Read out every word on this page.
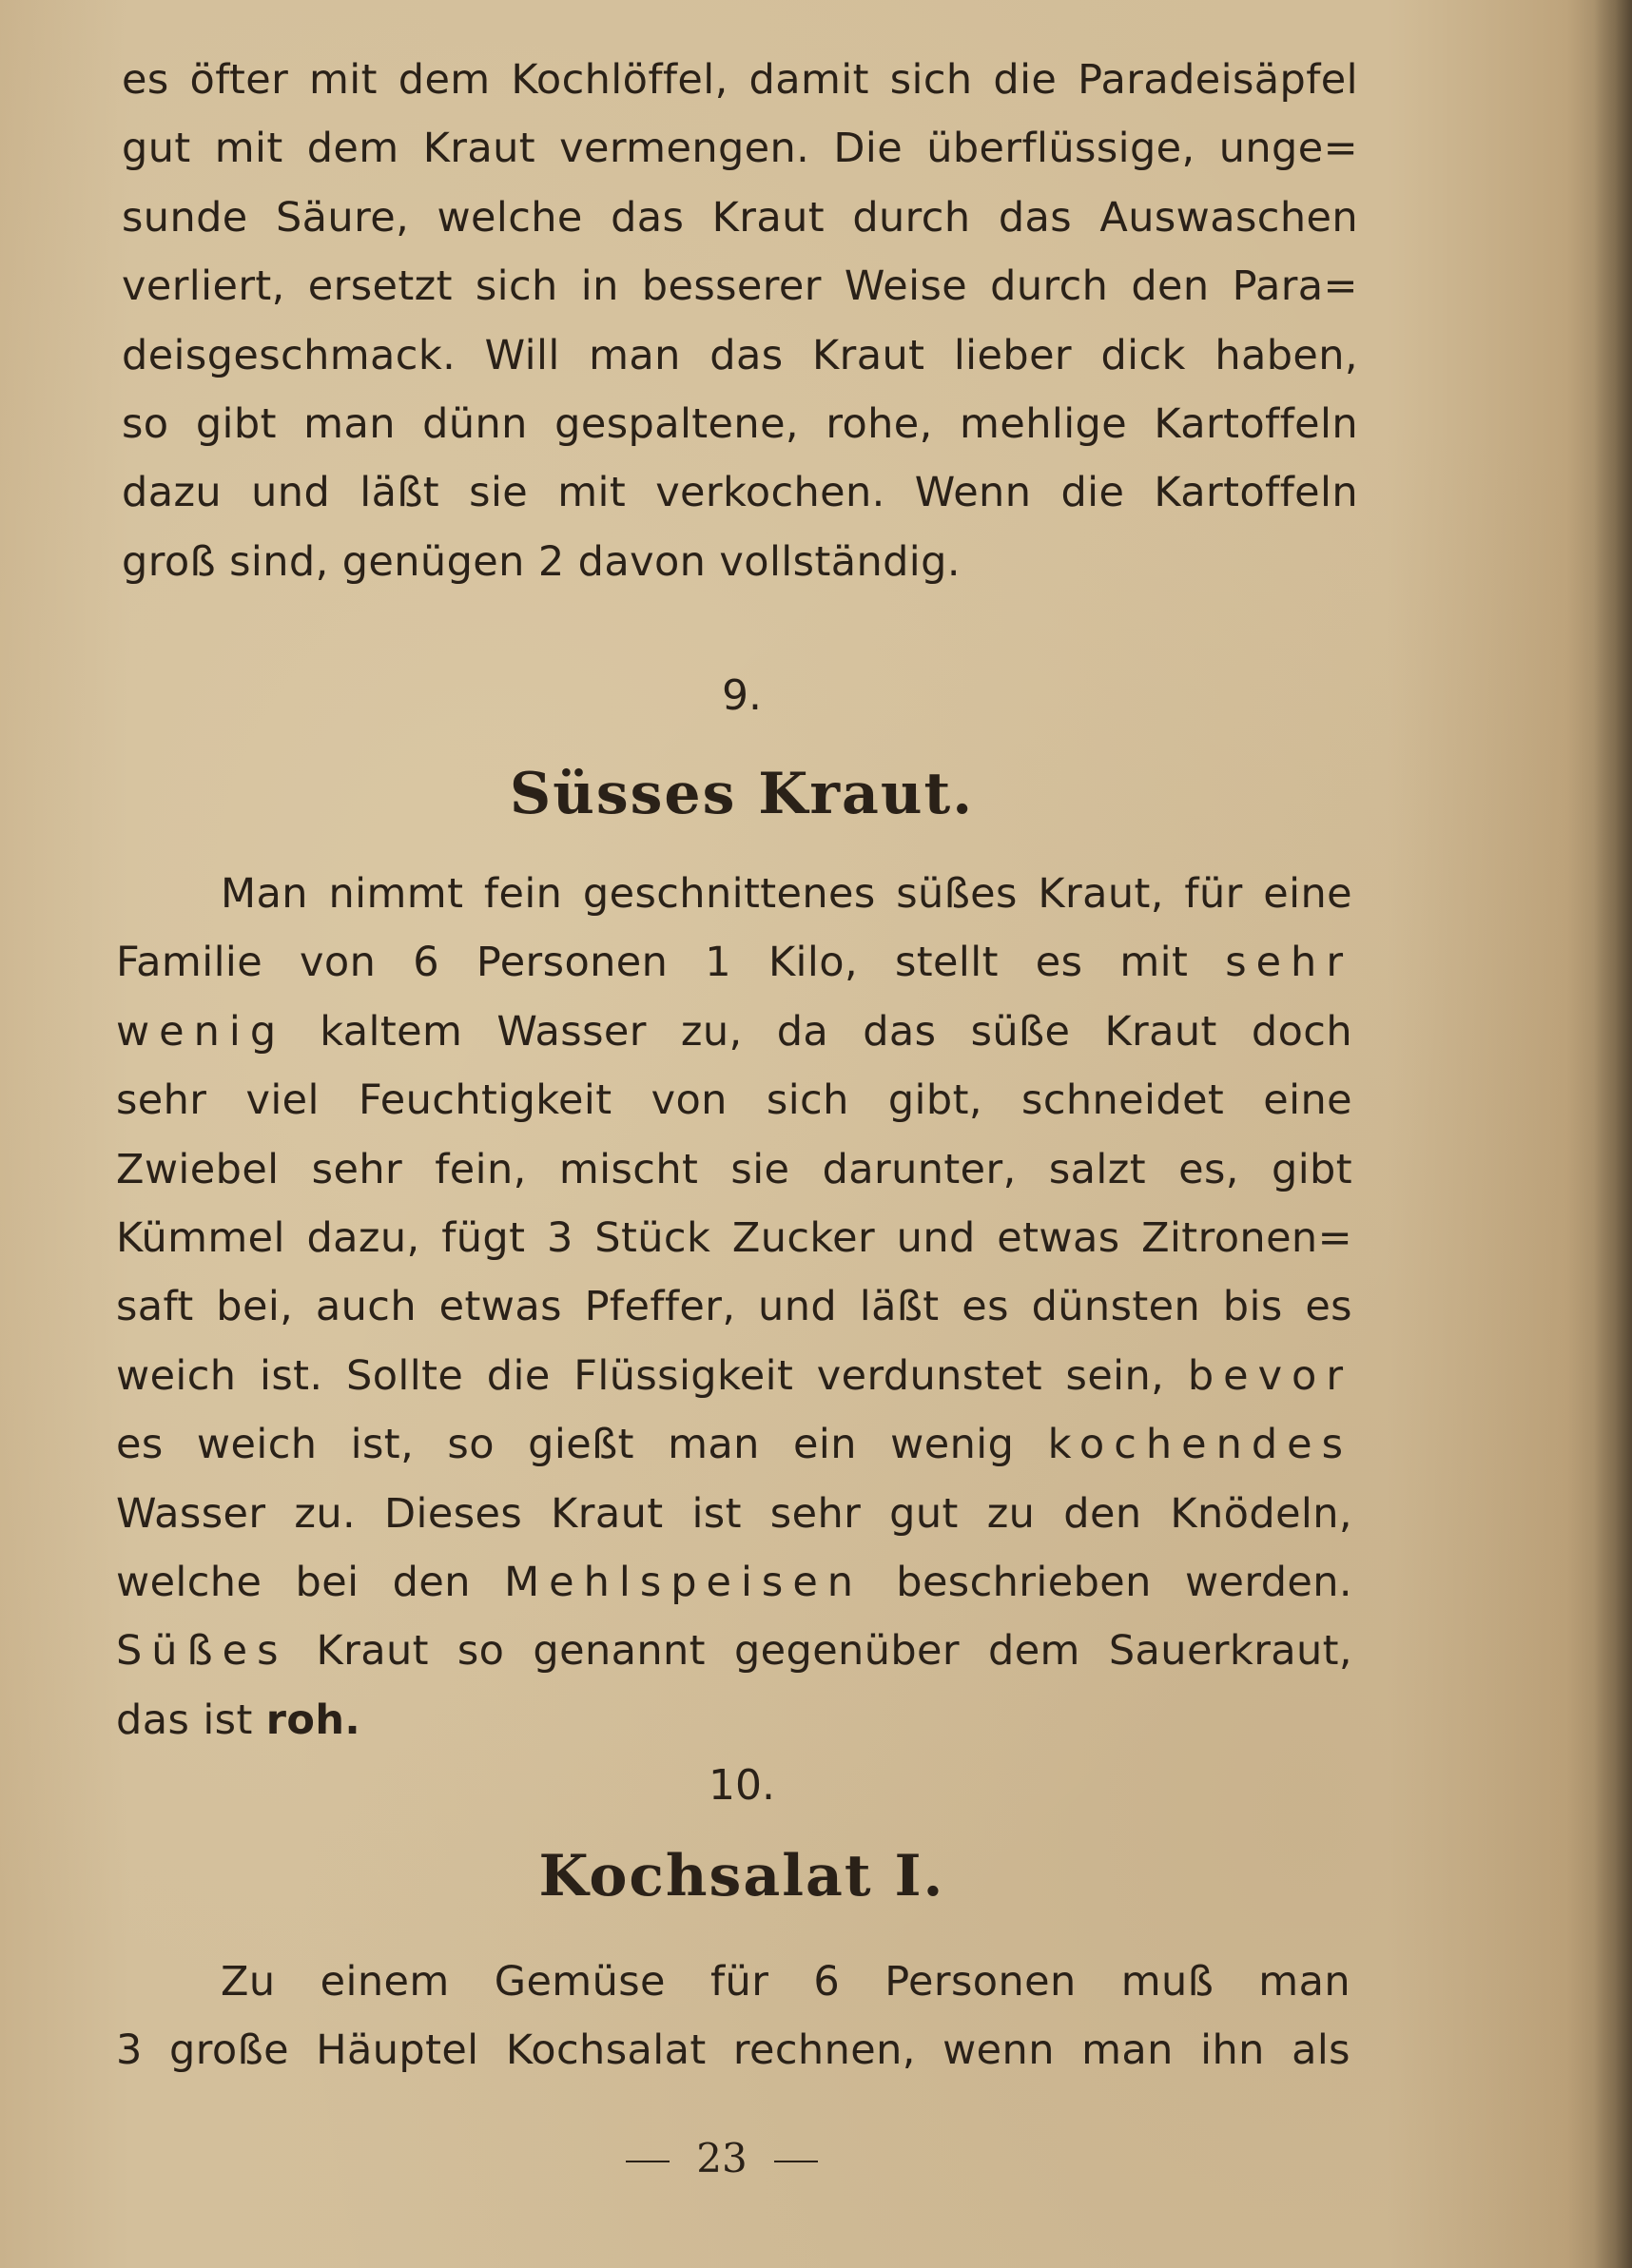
es öfter mit dem Kochlöffel, damit sich die Paradeisäpfel
gut mit dem Kraut vermengen. Die überflüssige, unge=
sunde Säure, welche das Kraut durch das Auswaschen
verliert, ersetzt sich in besserer Weise durch den Para=
deisgeschmack. Will man das Kraut lieber dick haben,
so gibt man dünn gespaltene, rohe, mehlige Kartoffeln
dazu und läßt sie mit verkochen. Wenn die Kartoffeln
groß sind, genügen 2 davon vollständig.
9.
Süsses Kraut.
Man nimmt fein geschnittenes süßes Kraut, für eine
Familie von 6 Personen 1 Kilo, stellt es mit sehr
wenig kaltem Wasser zu, da das süße Kraut doch
sehr viel Feuchtigkeit von sich gibt, schneidet eine
Zwiebel sehr fein, mischt sie darunter, salzt es, gibt
Kümmel dazu, fügt 3 Stück Zucker und etwas Zitronen=
saft bei, auch etwas Pfeffer, und läßt es dünsten bis es
weich ist. Sollte die Flüssigkeit verdunstet sein, bevor
es weich ist, so gießt man ein wenig kochendes
Wasser zu. Dieses Kraut ist sehr gut zu den Knödeln,
welche bei den Mehlspeisen beschrieben werden.
Süßes Kraut so genannt gegenüber dem Sauerkraut,
das ist roh.
10.
Kochsalat I.
Zu einem Gemüse für 6 Personen muß man
3 große Häuptel Kochsalat rechnen, wenn man ihn als
23
